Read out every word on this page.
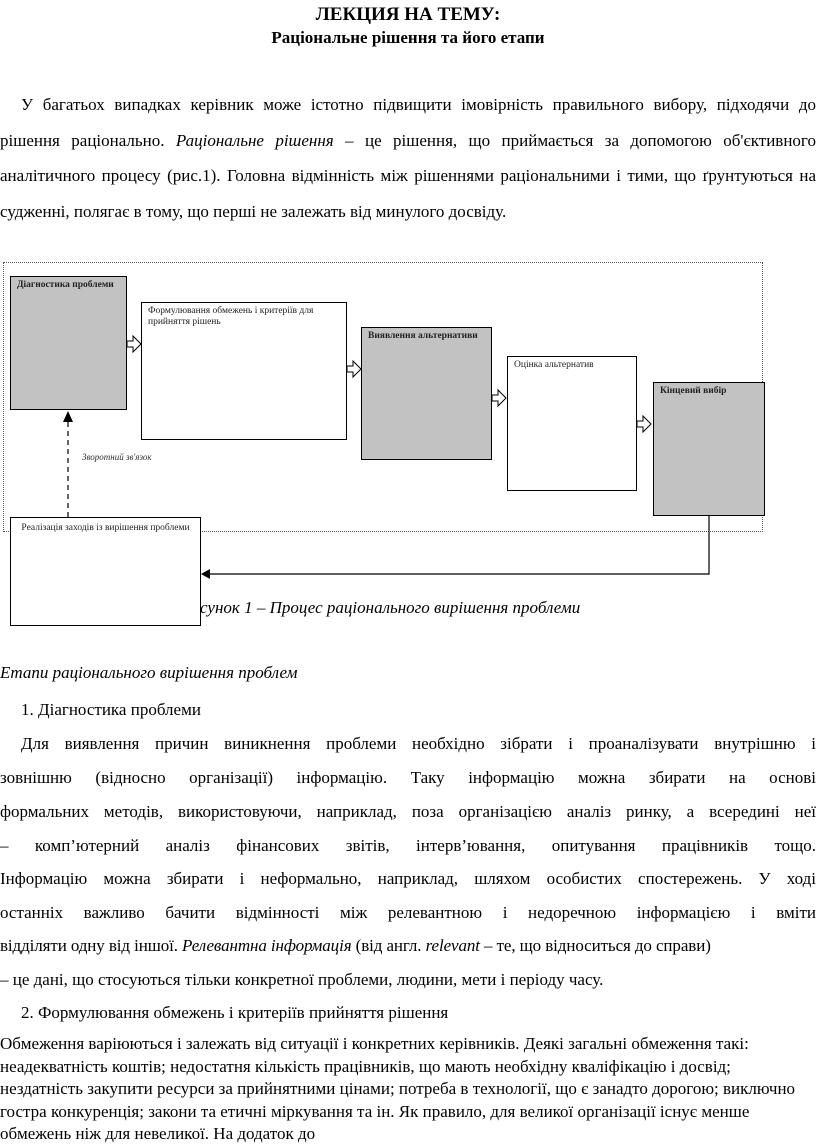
ЛЕКЦИЯ НА ТЕМУ:
Раціональне рішення та його етапи
У багатьох випадках керівник може істотно підвищити імовірність правильного вибору, підходячи до рішення раціонально. Раціональне рішення – це рішення, що приймається за допомогою об'єктивного аналітичного процесу (рис.1). Головна відмінність між рішеннями раціональними і тими, що ґрунтуються на судженні, полягає в тому, що перші не залежать від минулого досвіду.
Діагностика проблеми
Формулювання обмежень і критеріїв для прийняття рішень
Виявлення альтернативи
Оцінка альтернатив
Кінцевий вибір
Реалізація заходів із вирішення проблеми
Зворотний зв'язок
сунок 1 – Процес раціонального вирішення проблеми
Етапи раціонального вирішення проблем
1. Діагностика проблеми
Для виявлення причин виникнення проблеми необхідно зібрати і проаналізувати внутрішню і
зовнішню (відносно організації) інформацію. Таку інформацію можна збирати на основі
формальних методів, використовуючи, наприклад, поза організацією аналіз ринку, а всередині неї
– комп’ютерний аналіз фінансових звітів, інтерв’ювання, опитування працівників тощо.
Інформацію можна збирати і неформально, наприклад, шляхом особистих спостережень. У ході
останніх важливо бачити відмінності між релевантною і недоречною інформацією і вміти
відділяти одну від іншої. Релевантна інформація (від англ. relevant – те, що відноситься до справи)
– це дані, що стосуються тільки конкретної проблеми, людини, мети і періоду часу.
2. Формулювання обмежень і критеріїв прийняття рішення
Обмеження варіюються і залежать від ситуації і конкретних керівників. Деякі загальні обмеження такі: неадекватність коштів; недостатня кількість працівників, що мають необхідну кваліфікацію і досвід; нездатність закупити ресурси за прийнятними цінами; потреба в технології, що є занадто дорогою; виключно гостра конкуренція; закони та етичні міркування та ін. Як правило, для великої організації існує менше обмежень ніж для невеликої. На додаток до
